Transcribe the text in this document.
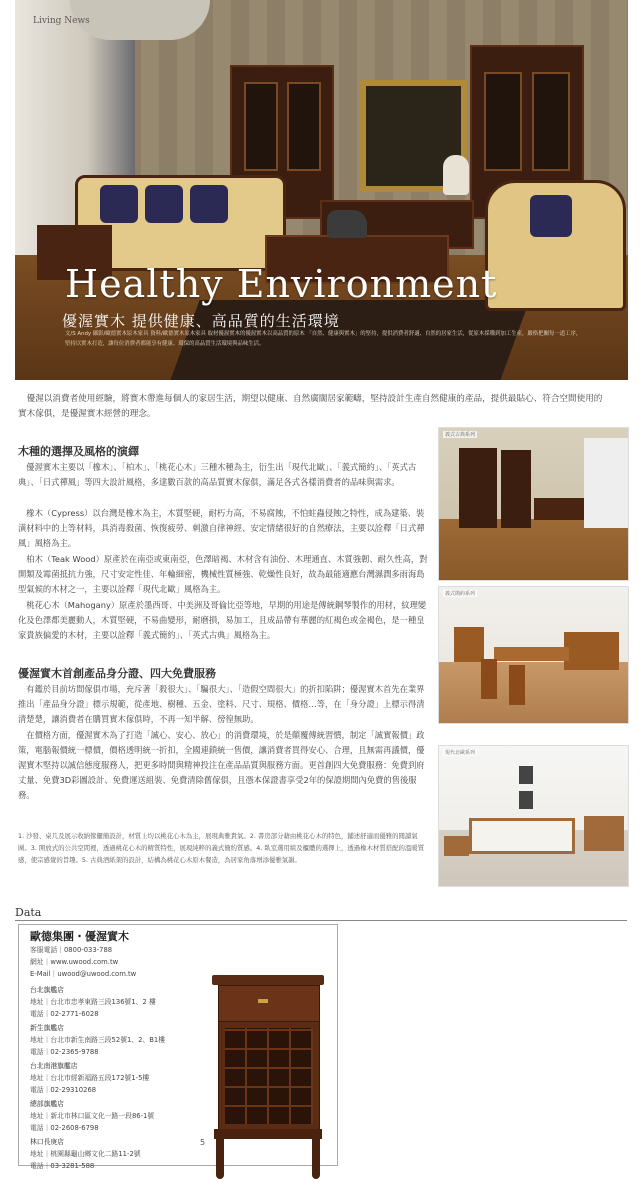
Living News
Healthy Environment
優渥實木 提供健康、高品質的生活環境
文/S Andy 攝影/歐德實木原木家具 資料/歐德實木原木家具 取材優渥實木的優渥實木以高品質的原木 「自然、健康與實木」的堅持，提供消費者舒適、自然的居家生活，從原木採購到加工生產，嚴格把關每一道工序，堅持以實木打造，讓每位消費者都能享有健康、環保的高品質生活環境與品味生活。

優渥以消費者使用經驗，將實木帶進每個人的家居生活，期望以健康、自然廣闊居家範疇，堅持設計生產自然健康的產品，提供最貼心、符合空間使用的實木傢俱，是優渥實木經營的理念。

木種的選擇及風格的演繹

優渥實木主要以「橡木」、「柏木」、「桃花心木」三種木種為主，衍生出「現代北歐」、「義式簡約」、「英式古典」、「日式禪風」等四大設計風格，多達數百款的高品質實木傢俱，滿足各式各樣消費者的品味與需求。

橡木（Cypress）以台灣是橡木為主，木質堅硬，耐朽力高，不易腐蝕，不怕蛀蟲侵蝕之特性，成為建築、裝潢材料中的上等材料，具消毒殺菌、恢復疲勞、刺激自律神經、安定情緒很好的自然療法，主要以詮釋「日式禪風」風格為主。

柏木（Teak Wood）原產於在南亞或東南亞，色澤暗褐、木材含有油份、木理通直、木質強韌、耐久性高，對開類及霉菌抵抗力強，尺寸安定性佳、年輪細密，機械性質極強、乾燥性良好，故為最能適應台灣濕潤多雨海島型氣候的木材之一，主要以詮釋「現代北歐」風格為主。

桃花心木（Mahogany）原產於墨西哥、中美洲及哥倫比亞等地，早期的用途是傳統鋼琴製作的用材，紋理變化及色澤都美麗動人，木質堅硬，不易曲變形，耐磨損，易加工，且成品帶有華麗的紅褐色或金褐色，是一種皇家貴族偏愛的木材，主要以詮釋「義式簡約」、「英式古典」風格為主。

優渥實木首創產品身分證、四大免費服務

有鑑於目前坊間傢俱市場，充斥著「殺很大」、「騙很大」、「造假空間很大」的折扣陷阱；優渥實木首先在業界推出「產品身分證」標示規範，從產地、樹種、五金、塗料、尺寸、規格、價格…等，在「身分證」上標示得清清楚楚，讓消費者在購買實木傢俱時，不再一知半解、徬徨無助。

在價格方面，優渥實木為了打造「誠心、安心、放心」的消費環境，於是顛覆傳統習慣，制定「誠實報價」政策，電腦報價統一標價，價格透明統一折扣，全國連鎖統一售價，讓消費者買得安心、合理，且無需再議價，優渥實木堅持以誠信態度服務人，把更多時間與精神投注在產品品質與服務方面。更首創四大免費服務：免費到府丈量、免費3D彩圖設計、免費運送組裝、免費清除舊傢俱，且憑本保證書享受2年的保證期間內免費的售後服務。

義式古典系列
義式簡約系列
現代北歐系列
1. 沙發、桌几及展示收納傢儷簡設計，材質上均以桃花心木為主，展現典雅貴氣。2. 書房部分藉由桃花心木的特色，鋪述舒適而優雅的閱讀氣圍。3. 開放式的公共空間裡，透過桃花心木的精質特性，展現純粹的義式簡約質感。4. 臥室選用組及櫃體的選擇上，透過橡木材質搭配的溫暖質感，使宗感覺的旨趣。5. 古典酒紙架的設計，結構為桃花心木原木餐造，為居家角落增添優雅氣韻。
Data
歐德集團・優渥實木
客服電話｜0800-033-788
網址｜www.uwood.com.tw
E-Mail｜uwood@uwood.com.tw
台北旗艦店
地址｜台北市忠孝東路三段136號1、2 樓
電話｜02-2771-6028
新生旗艦店
地址｜台北市新生南路三段52號1、2、B1樓
電話｜02-2365-9788
台北南港旗艦店
地址｜台北市經新福路五段172號1-5樓
電話｜02-29310268
總部旗艦店
地址｜新北市林口區文化一路一段86-1號
電話｜02-2608-6798
林口長庚店
地址｜桃園縣龜山鄉文化二路11-2號
電話｜03-3281-588
5
